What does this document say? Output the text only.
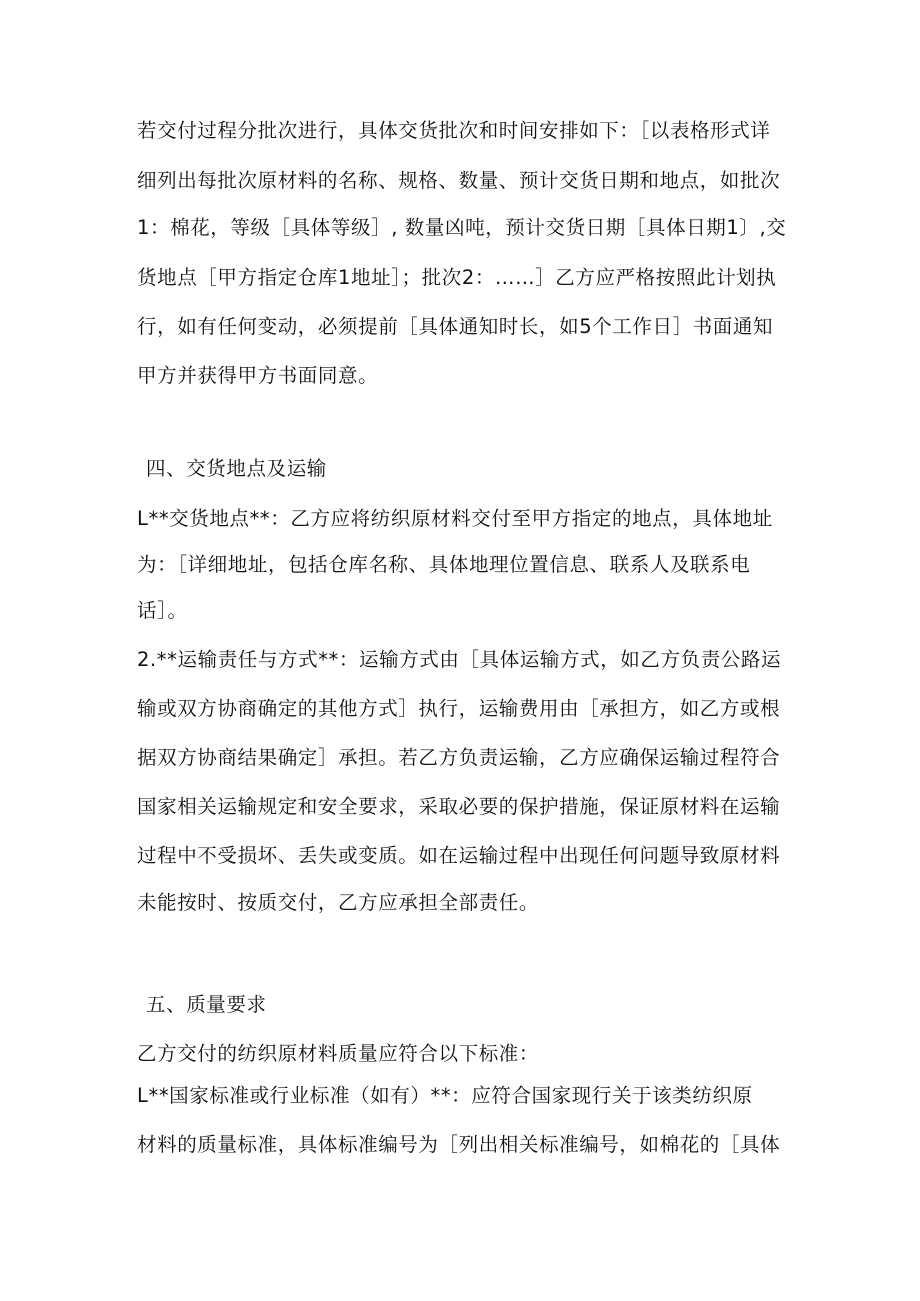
若交付过程分批次进行，具体交货批次和时间安排如下：［以表格形式详
细列出每批次原材料的名称、规格、数量、预计交货日期和地点，如批次
1：棉花，等级［具体等级］, 数量凶吨，预计交货日期［具体日期1〕,交
货地点［甲方指定仓库1地址］；批次2：……］乙方应严格按照此计划执
行，如有任何变动，必须提前［具体通知时长，如5个工作日］书面通知
甲方并获得甲方书面同意。
四、交货地点及运输
L**交货地点**：乙方应将纺织原材料交付至甲方指定的地点，具体地址
为：［详细地址，包括仓库名称、具体地理位置信息、联系人及联系电
话］。
2.**运输责任与方式**：运输方式由［具体运输方式，如乙方负责公路运
输或双方协商确定的其他方式］执行，运输费用由［承担方，如乙方或根
据双方协商结果确定］承担。若乙方负责运输，乙方应确保运输过程符合
国家相关运输规定和安全要求，采取必要的保护措施，保证原材料在运输
过程中不受损坏、丢失或变质。如在运输过程中出现任何问题导致原材料
未能按时、按质交付，乙方应承担全部责任。
五、质量要求
乙方交付的纺织原材料质量应符合以下标准：
L**国家标准或行业标准（如有）**：应符合国家现行关于该类纺织原
材料的质量标准，具体标准编号为［列出相关标准编号，如棉花的［具体
